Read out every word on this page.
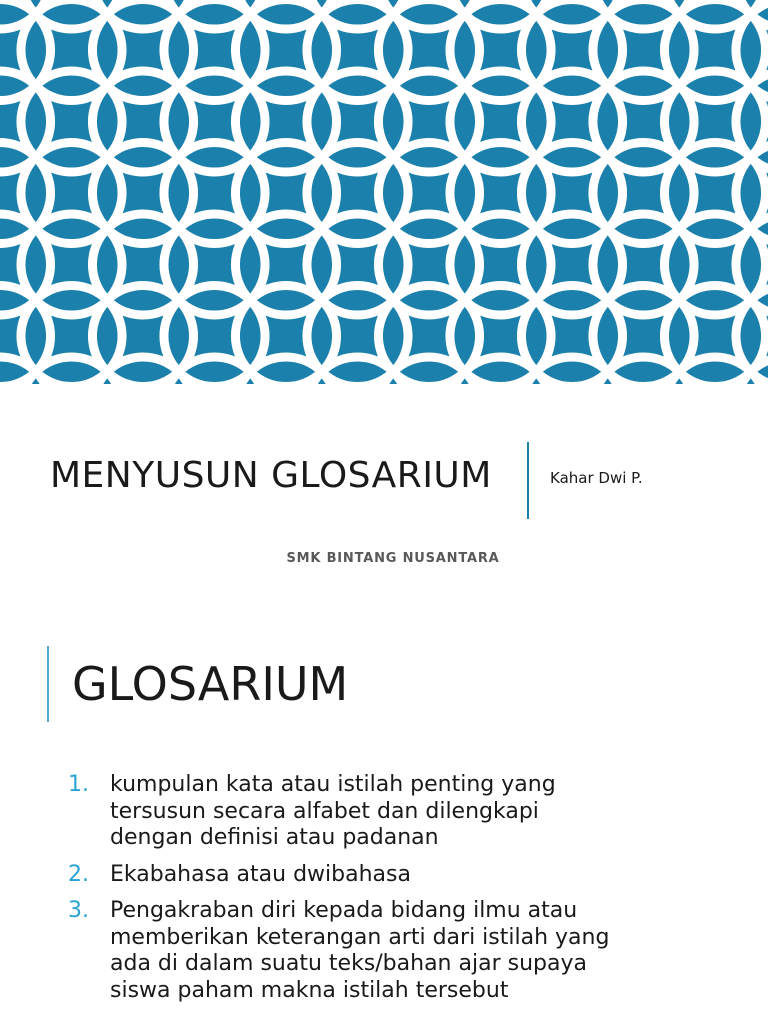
MENYUSUN GLOSARIUM	Kahar Dwi P.
SMK BINTANG NUSANTARA
GLOSARIUM
1. kumpulan kata atau istilah penting yang
tersusun secara alfabet dan dilengkapi
dengan definisi atau padanan
2. Ekabahasa atau dwibahasa
3. Pengakraban diri kepada bidang ilmu atau
memberikan keterangan arti dari istilah yang
ada di dalam suatu teks/bahan ajar supaya
siswa paham makna istilah tersebut
